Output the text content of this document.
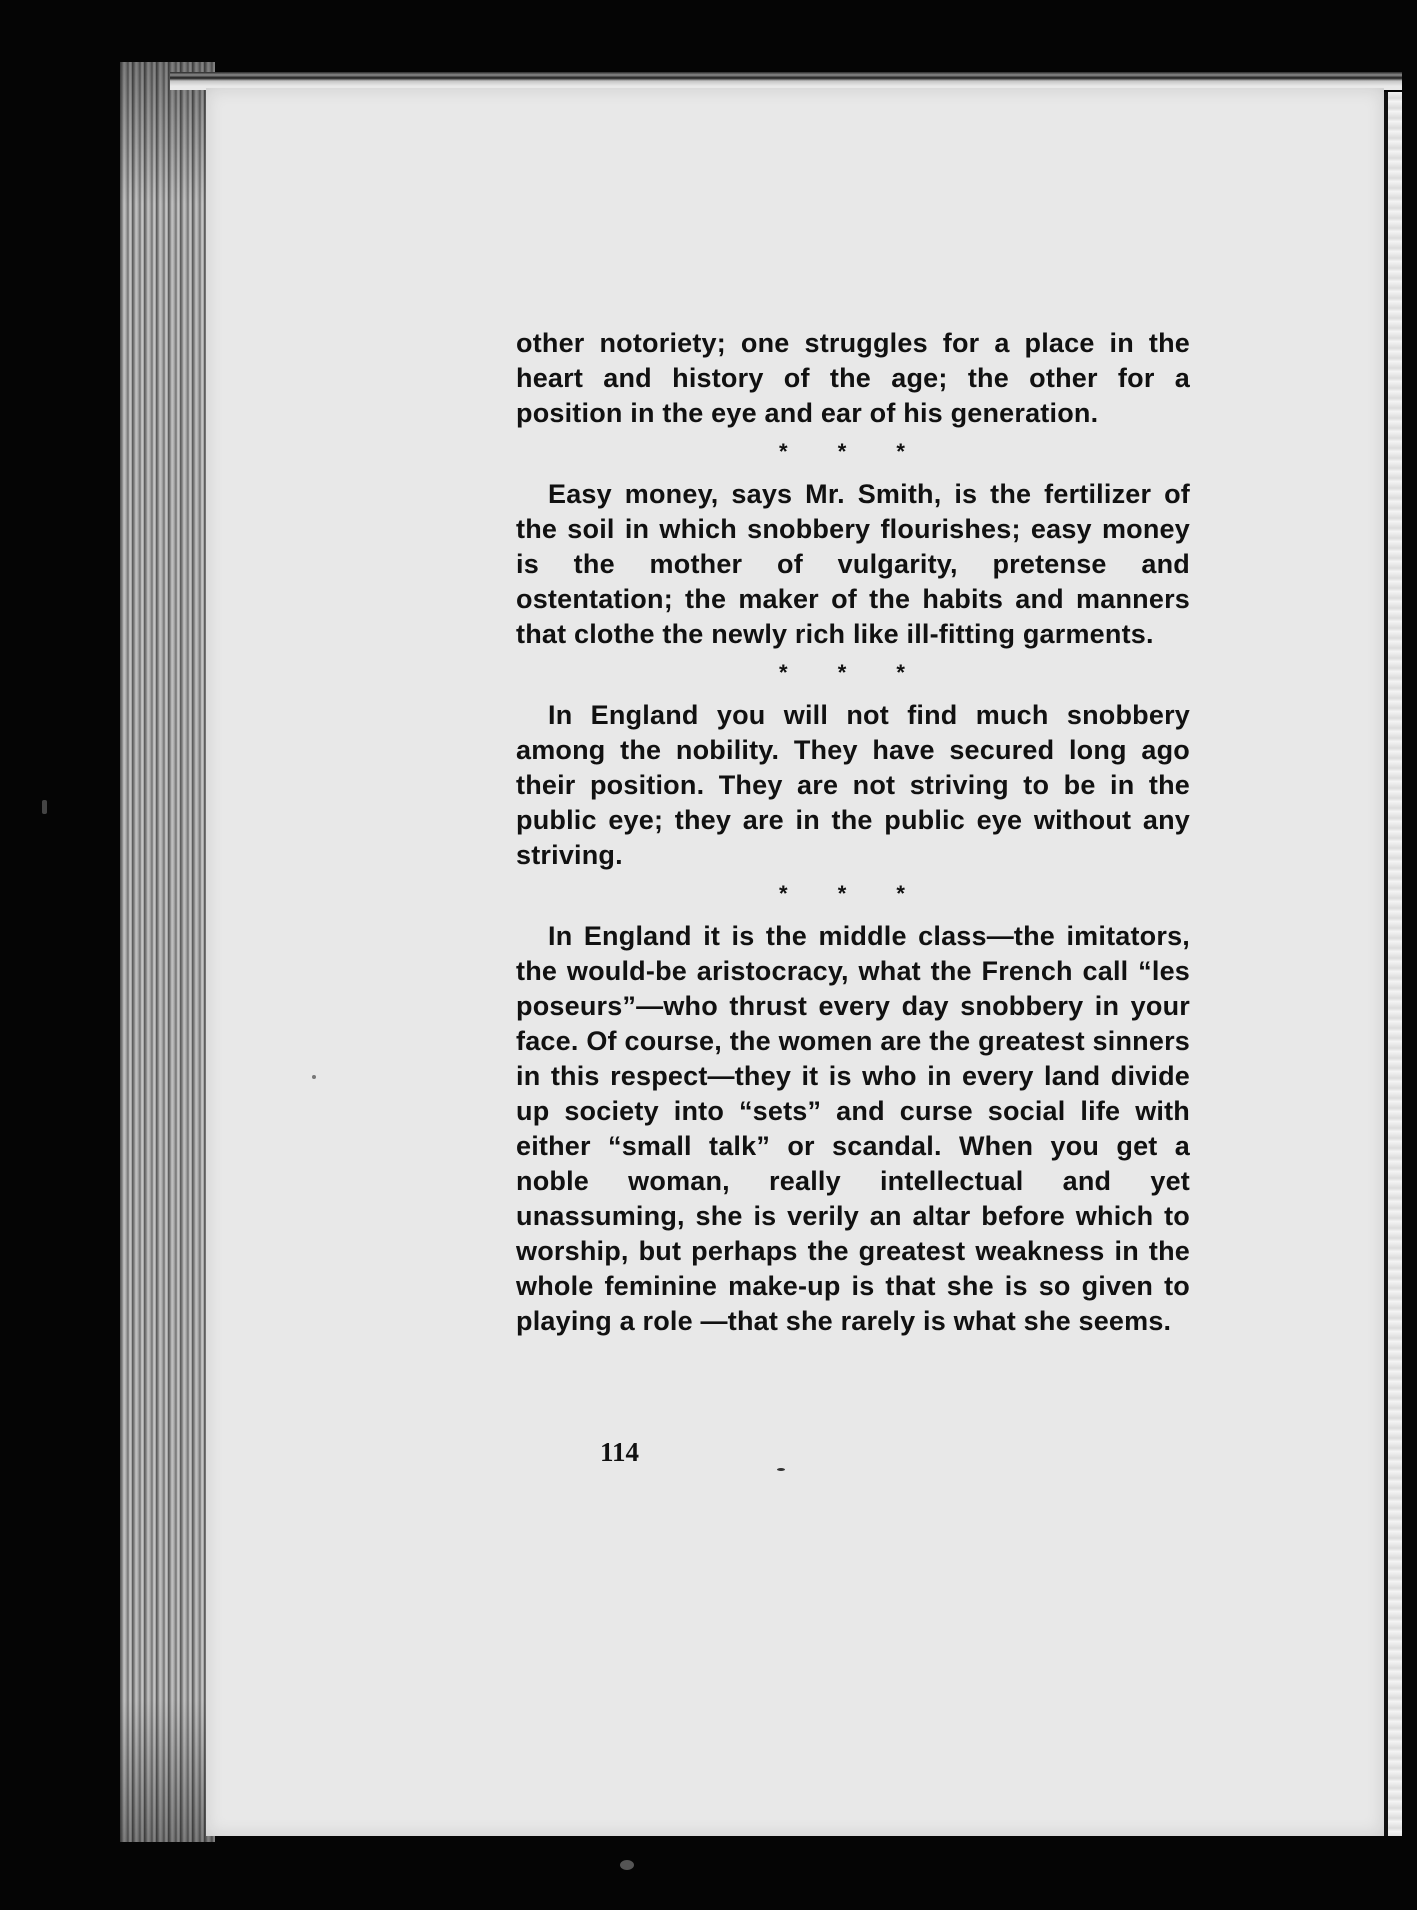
other notoriety; one struggles for a place in the heart and history of the age; the other for a position in the eye and ear of his generation.

* * *

Easy money, says Mr. Smith, is the fertilizer of the soil in which snobbery flourishes; easy money is the mother of vulgarity, pretense and ostentation; the maker of the habits and manners that clothe the newly rich like ill-fitting garments.

* * *

In England you will not find much snobbery among the nobility. They have secured long ago their position. They are not striving to be in the public eye; they are in the public eye without any striving.

* * *

In England it is the middle class—the imitators, the would-be aristocracy, what the French call “les poseurs”—who thrust every day snobbery in your face. Of course, the women are the greatest sinners in this respect—they it is who in every land divide up society into “sets” and curse social life with either “small talk” or scandal. When you get a noble woman, really intellectual and yet unassuming, she is verily an altar before which to worship, but perhaps the greatest weakness in the whole feminine make-up is that she is so given to playing a role —that she rarely is what she seems.

114
